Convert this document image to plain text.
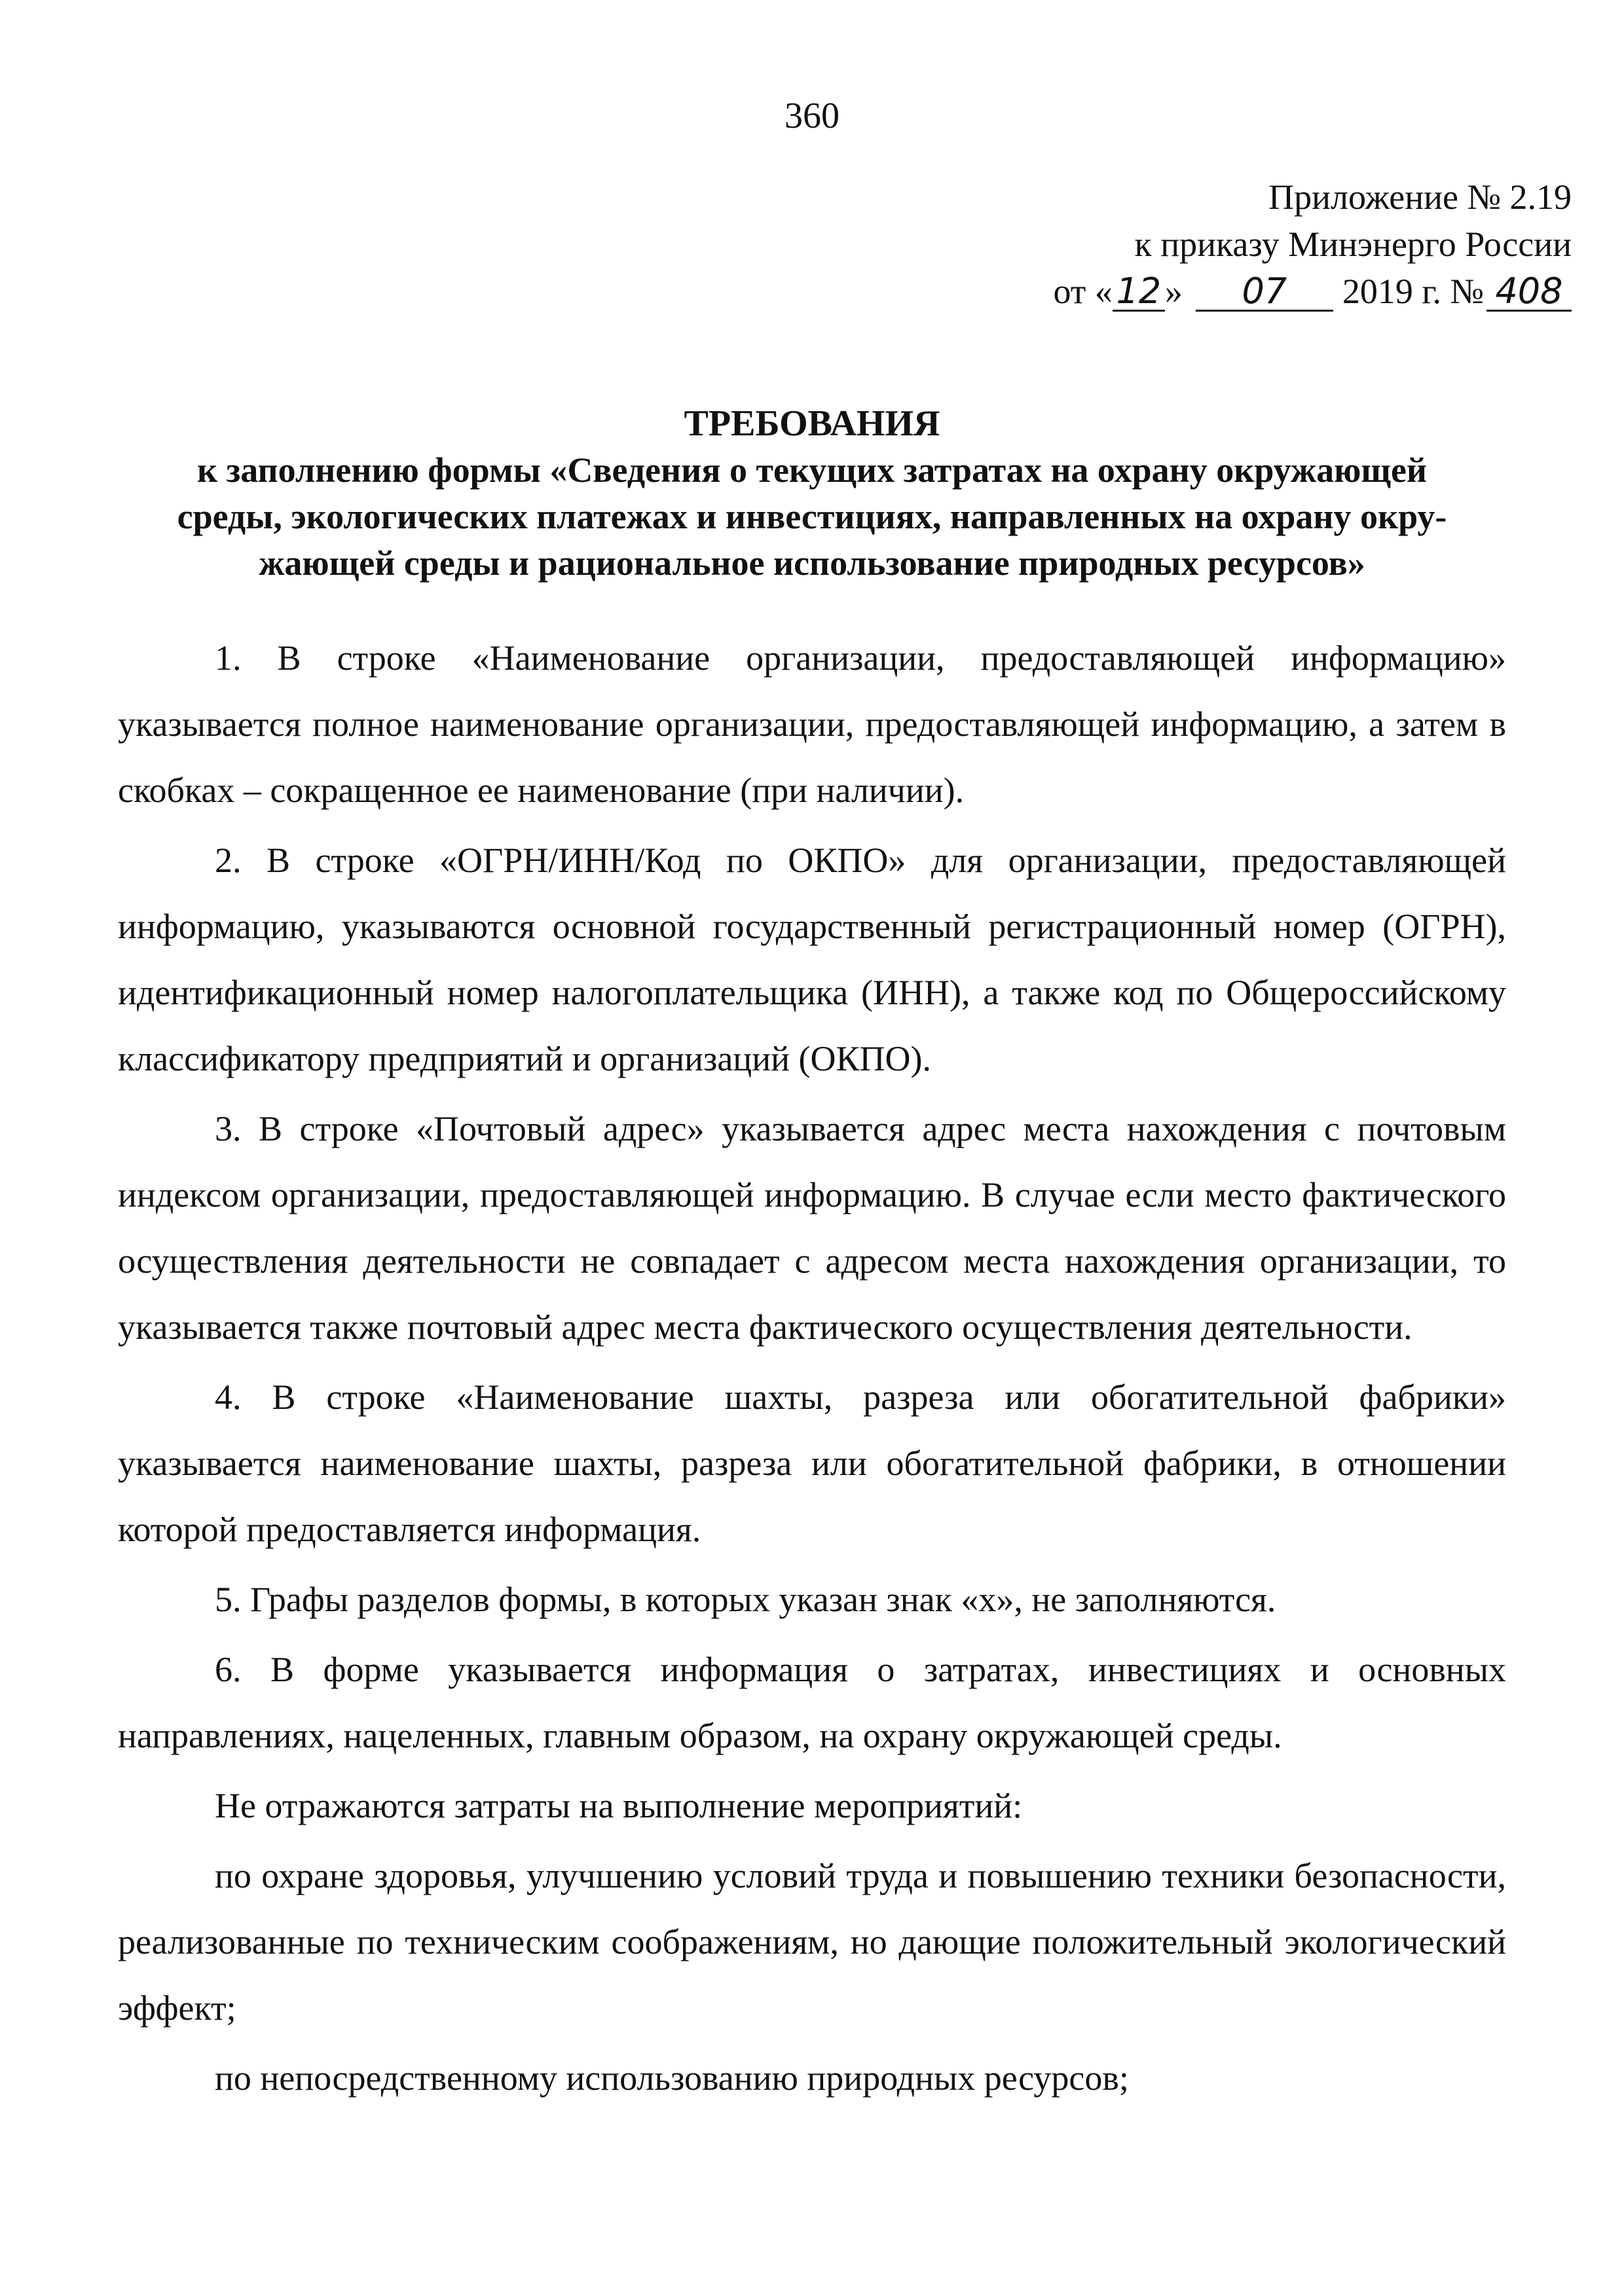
360
Приложение № 2.19
к приказу Минэнерго России
от « 12 » 07 2019 г. № 408
ТРЕБОВАНИЯ
к заполнению формы «Сведения о текущих затратах на охрану окружающей
среды, экологических платежах и инвестициях, направленных на охрану окру-
жающей среды и рациональное использование природных ресурсов»

1. В строке «Наименование организации, предоставляющей информацию» указывается полное наименование организации, предоставляющей информацию, а затем в скобках – сокращенное ее наименование (при наличии).

2. В строке «ОГРН/ИНН/Код по ОКПО» для организации, предоставляющей информацию, указываются основной государственный регистрационный номер (ОГРН), идентификационный номер налогоплательщика (ИНН), а также код по Общероссийскому классификатору предприятий и организаций (ОКПО).

3. В строке «Почтовый адрес» указывается адрес места нахождения с почтовым индексом организации, предоставляющей информацию. В случае если место фактического осуществления деятельности не совпадает с адресом места нахождения организации, то указывается также почтовый адрес места фактического осуществления деятельности.

4. В строке «Наименование шахты, разреза или обогатительной фабрики» указывается наименование шахты, разреза или обогатительной фабрики, в отношении которой предоставляется информация.

5. Графы разделов формы, в которых указан знак «х», не заполняются.

6. В форме указывается информация о затратах, инвестициях и основных направлениях, нацеленных, главным образом, на охрану окружающей среды.

Не отражаются затраты на выполнение мероприятий:

по охране здоровья, улучшению условий труда и повышению техники безопасности, реализованные по техническим соображениям, но дающие положительный экологический эффект;

по непосредственному использованию природных ресурсов;
